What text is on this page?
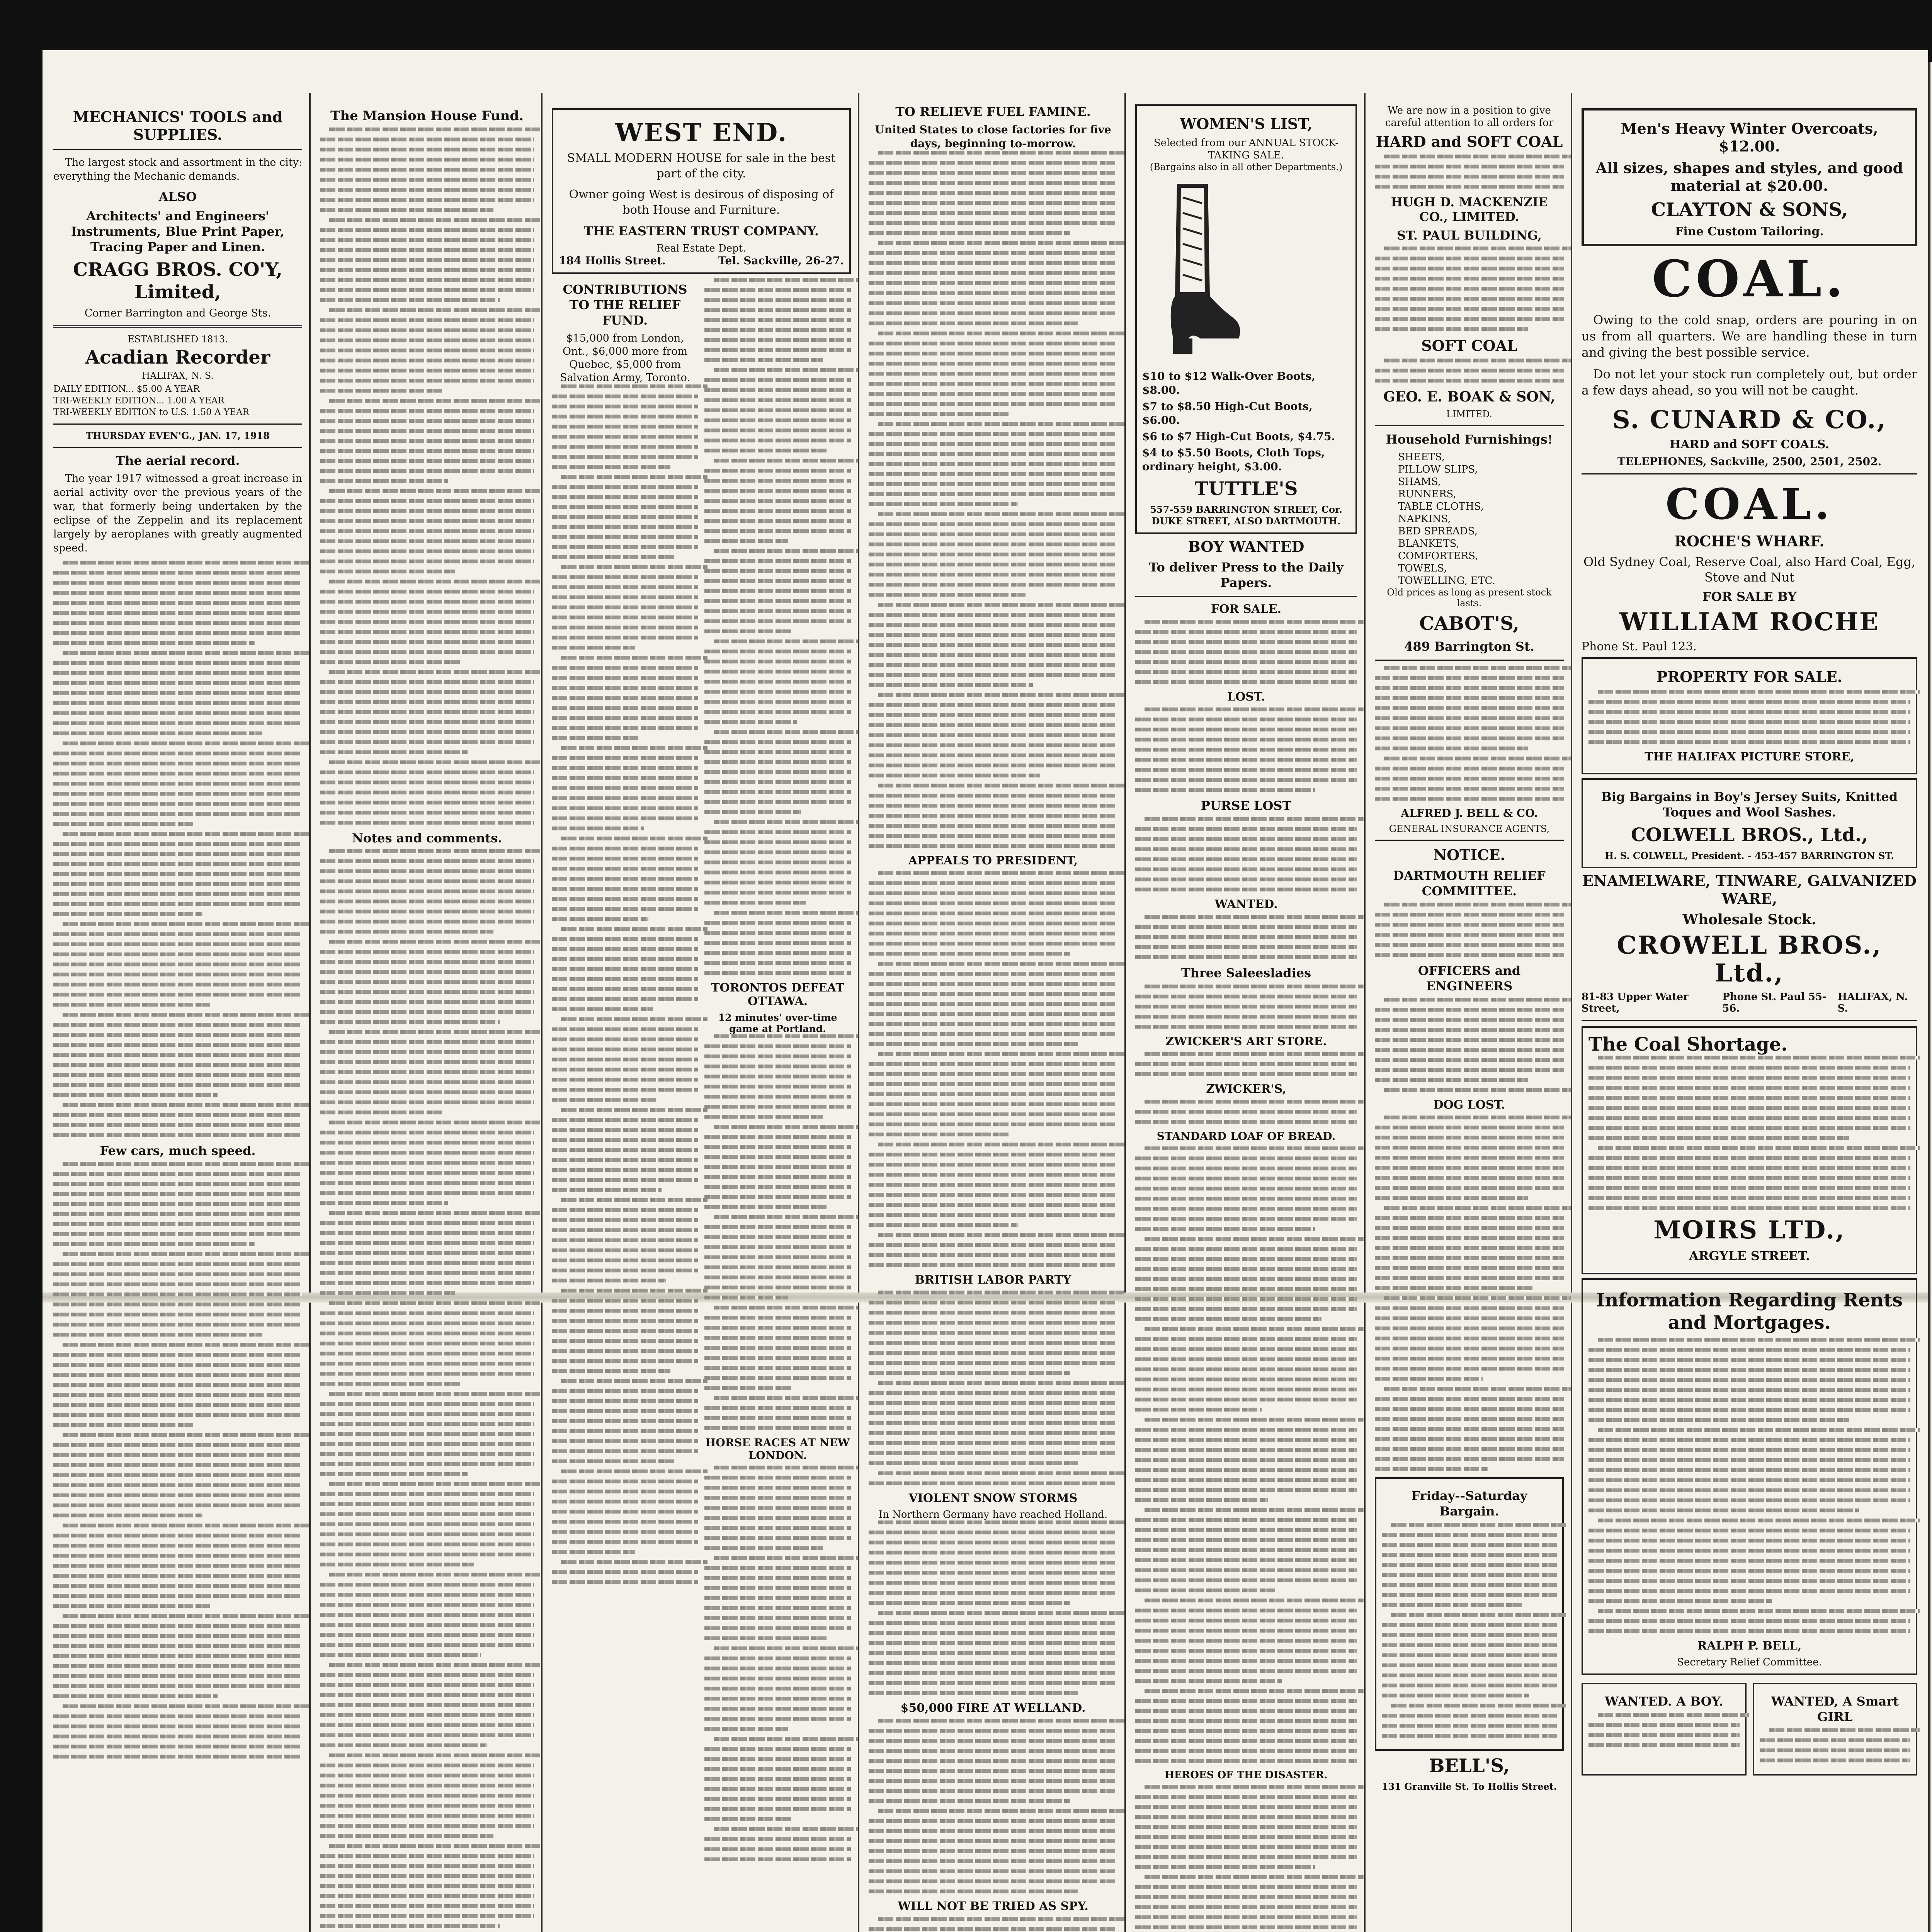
MECHANICS' TOOLS and SUPPLIES.

The largest stock and assortment in the city: everything the Mechanic demands.

ALSO
Architects' and Engineers' Instruments, Blue Print Paper, Tracing Paper and Linen.
CRAGG BROS. CO'Y, Limited,
Corner Barrington and George Sts.
ESTABLISHED 1813.
Acadian Recorder
HALIFAX, N. S.
DAILY EDITION... $5.00 A YEAR
TRI-WEEKLY EDITION... 1.00 A YEAR
TRI-WEEKLY EDITION to U.S. 1.50 A YEAR
THURSDAY EVEN'G., JAN. 17, 1918
The aerial record.

The year 1917 witnessed a great increase in aerial activity over the previous years of the war, that formerly being undertaken by the eclipse of the Zeppelin and its replacement largely by aeroplanes with greatly augmented speed.

Few cars, much speed.
The Mansion House Fund.
Notes and comments.
WEST END.

SMALL MODERN HOUSE for sale in the best part of the city.

Owner going West is desirous of disposing of both House and Furniture.

THE EASTERN TRUST COMPANY.
Real Estate Dept.
184 Hollis Street.	Tel. Sackville, 26-27.
CONTRIBUTIONS TO THE RELIEF FUND.
$15,000 from London, Ont., $6,000 more from Quebec, $5,000 from Salvation Army, Toronto.
TORONTOS DEFEAT OTTAWA.
12 minutes' over-time game at Portland.
HORSE RACES AT NEW LONDON.
TO RELIEVE FUEL FAMINE.
United States to close factories for five days, beginning to-morrow.
APPEALS TO PRESIDENT,
BRITISH LABOR PARTY
VIOLENT SNOW STORMS
In Northern Germany have reached Holland.
$50,000 FIRE AT WELLAND.
WILL NOT BE TRIED AS SPY.
WOMEN'S LIST,
Selected from our ANNUAL STOCK-TAKING SALE.
(Bargains also in all other Departments.)
$10 to $12 Walk-Over Boots, $8.00.
$7 to $8.50 High-Cut Boots, $6.00.
$6 to $7 High-Cut Boots, $4.75.
$4 to $5.50 Boots, Cloth Tops, ordinary height, $3.00.
TUTTLE'S
557-559 BARRINGTON STREET, Cor. DUKE STREET, ALSO DARTMOUTH.
BOY WANTED
To deliver Press to the Daily Papers.
FOR SALE.
LOST.
PURSE LOST
WANTED.
Three Saleesladies
ZWICKER'S ART STORE.
ZWICKER'S,
STANDARD LOAF OF BREAD.
HEROES OF THE DISASTER.
We are now in a position to give careful attention to all orders for
HARD and SOFT COAL
HUGH D. MACKENZIE CO., LIMITED.
ST. PAUL BUILDING,
SOFT COAL
GEO. E. BOAK & SON,
LIMITED.
Household Furnishings!
SHEETS,
PILLOW SLIPS,
SHAMS,
RUNNERS,
TABLE CLOTHS,
NAPKINS,
BED SPREADS,
BLANKETS,
COMFORTERS,
TOWELS,
TOWELLING, ETC.
Old prices as long as present stock lasts.
CABOT'S,
489 Barrington St.
ALFRED J. BELL & CO.
GENERAL INSURANCE AGENTS,
NOTICE.
DARTMOUTH RELIEF COMMITTEE.
OFFICERS and ENGINEERS
DOG LOST.
Friday--Saturday Bargain.
BELL'S,
131 Granville St. To Hollis Street.
Men's Heavy Winter Overcoats, $12.00.
All sizes, shapes and styles, and good material at $20.00.
CLAYTON & SONS,
Fine Custom Tailoring.
COAL.

Owing to the cold snap, orders are pouring in on us from all quarters. We are handling these in turn and giving the best possible service.

Do not let your stock run completely out, but order a few days ahead, so you will not be caught.

S. CUNARD & CO.,
HARD and SOFT COALS.
TELEPHONES, Sackville, 2500, 2501, 2502.
COAL.
ROCHE'S WHARF.
Old Sydney Coal, Reserve Coal, also Hard Coal, Egg, Stove and Nut
FOR SALE BY
WILLIAM ROCHE
Phone St. Paul 123.
PROPERTY FOR SALE.
THE HALIFAX PICTURE STORE,
Big Bargains in Boy's Jersey Suits, Knitted Toques and Wool Sashes.
COLWELL BROS., Ltd.,
H. S. COLWELL, President. - 453-457 BARRINGTON ST.
ENAMELWARE, TINWARE, GALVANIZED WARE,
Wholesale Stock.
CROWELL BROS., Ltd.,
81-83 Upper Water Street,
Phone St. Paul 55-56.
HALIFAX, N. S.
The Coal Shortage.
MOIRS LTD.,
ARGYLE STREET.
Information Regarding Rents and Mortgages.
RALPH P. BELL,
Secretary Relief Committee.
WANTED. A BOY.	WANTED, A Smart GIRL
